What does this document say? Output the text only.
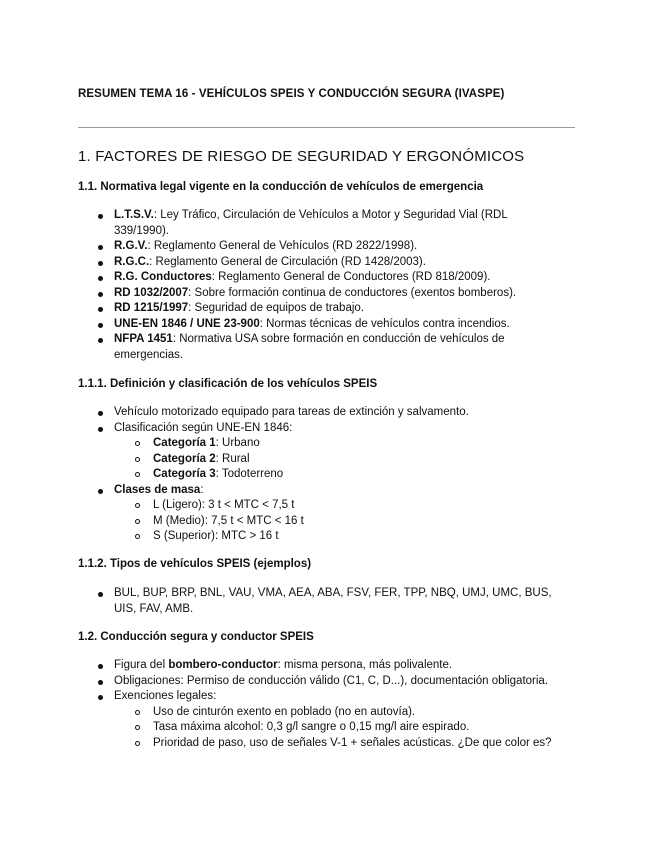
RESUMEN TEMA 16 - VEHÍCULOS SPEIS Y CONDUCCIÓN SEGURA (IVASPE)
1. FACTORES DE RIESGO DE SEGURIDAD Y ERGONÓMICOS
1.1. Normativa legal vigente en la conducción de vehículos de emergencia
L.T.S.V.: Ley Tráfico, Circulación de Vehículos a Motor y Seguridad Vial (RDL 339/1990).
R.G.V.: Reglamento General de Vehículos (RD 2822/1998).
R.G.C.: Reglamento General de Circulación (RD 1428/2003).
R.G. Conductores: Reglamento General de Conductores (RD 818/2009).
RD 1032/2007: Sobre formación continua de conductores (exentos bomberos).
RD 1215/1997: Seguridad de equipos de trabajo.
UNE-EN 1846 / UNE 23-900: Normas técnicas de vehículos contra incendios.
NFPA 1451: Normativa USA sobre formación en conducción de vehículos de emergencias.
1.1.1. Definición y clasificación de los vehículos SPEIS
Vehículo motorizado equipado para tareas de extinción y salvamento.
Clasificación según UNE-EN 1846:
Categoría 1: Urbano
Categoría 2: Rural
Categoría 3: Todoterreno
Clases de masa:
L (Ligero): 3 t < MTC < 7,5 t
M (Medio): 7,5 t < MTC < 16 t
S (Superior): MTC > 16 t
1.1.2. Tipos de vehículos SPEIS (ejemplos)
BUL, BUP, BRP, BNL, VAU, VMA, AEA, ABA, FSV, FER, TPP, NBQ, UMJ, UMC, BUS, UIS, FAV, AMB.
1.2. Conducción segura y conductor SPEIS
Figura del bombero-conductor: misma persona, más polivalente.
Obligaciones: Permiso de conducción válido (C1, C, D...), documentación obligatoria.
Exenciones legales:
Uso de cinturón exento en poblado (no en autovía).
Tasa máxima alcohol: 0,3 g/l sangre o 0,15 mg/l aire espirado.
Prioridad de paso, uso de señales V-1 + señales acústicas. ¿De que color es?
